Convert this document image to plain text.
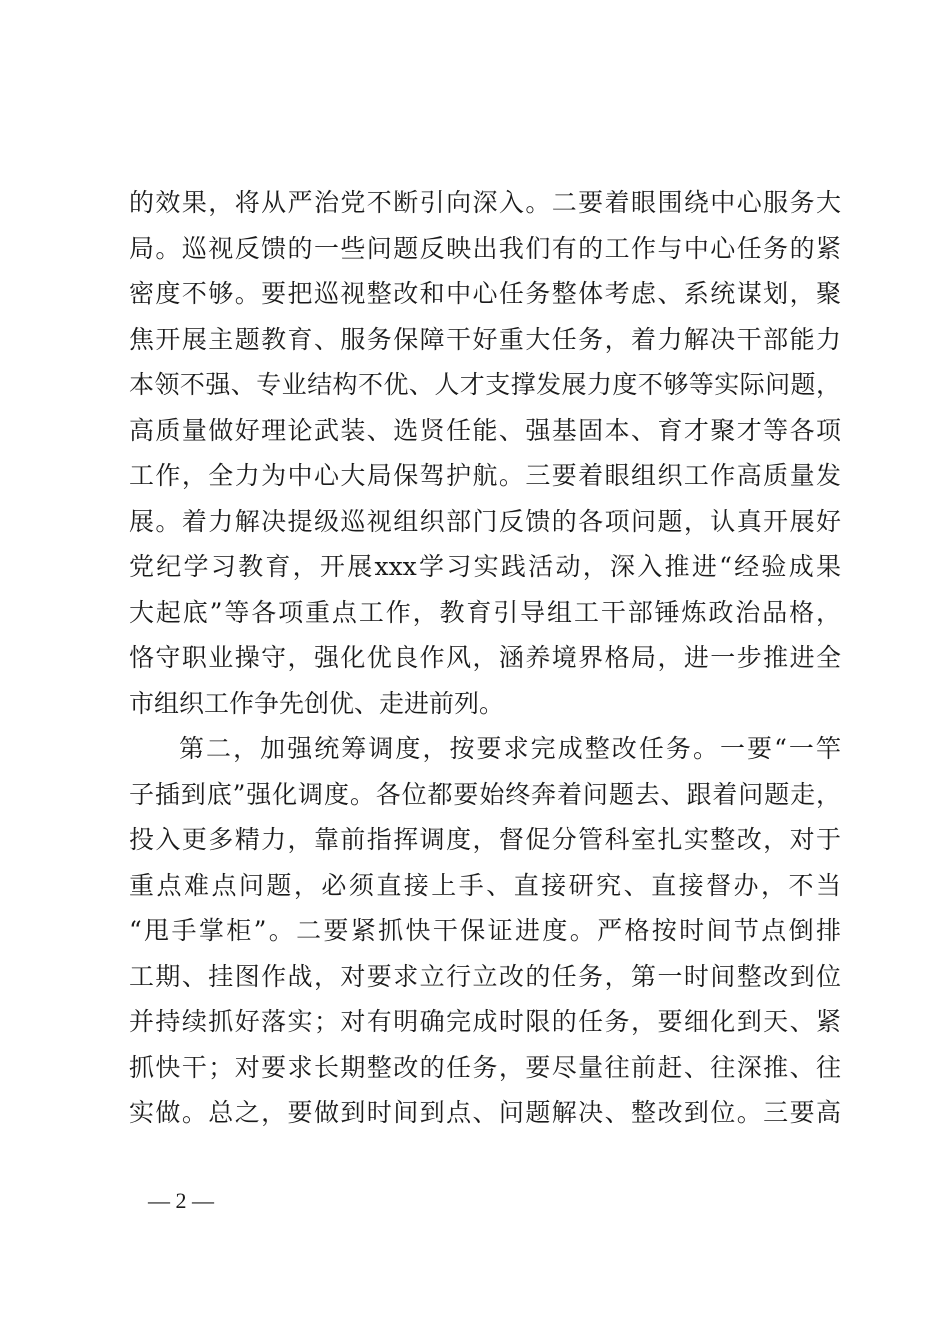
的效果，将从严治党不断引向深入。二要着眼围绕中心服务大
局。巡视反馈的一些问题反映出我们有的工作与中心任务的紧
密度不够。要把巡视整改和中心任务整体考虑、系统谋划，聚
焦开展主题教育、服务保障干好重大任务，着力解决干部能力
本领不强、专业结构不优、人才支撑发展力度不够等实际问题，
高质量做好理论武装、选贤任能、强基固本、育才聚才等各项
工作，全力为中心大局保驾护航。三要着眼组织工作高质量发
展。着力解决提级巡视组织部门反馈的各项问题，认真开展好
党纪学习教育，开展xxx学习实践活动，深入推进“经验成果
大起底”等各项重点工作，教育引导组工干部锤炼政治品格，
恪守职业操守，强化优良作风，涵养境界格局，进一步推进全
市组织工作争先创优、走进前列。
第二，加强统筹调度，按要求完成整改任务。一要“一竿
子插到底”强化调度。各位都要始终奔着问题去、跟着问题走，
投入更多精力，靠前指挥调度，督促分管科室扎实整改，对于
重点难点问题，必须直接上手、直接研究、直接督办，不当
“甩手掌柜”。二要紧抓快干保证进度。严格按时间节点倒排
工期、挂图作战，对要求立行立改的任务，第一时间整改到位
并持续抓好落实；对有明确完成时限的任务，要细化到天、紧
抓快干；对要求长期整改的任务，要尽量往前赶、往深推、往
实做。总之，要做到时间到点、问题解决、整改到位。三要高
— 2 —
